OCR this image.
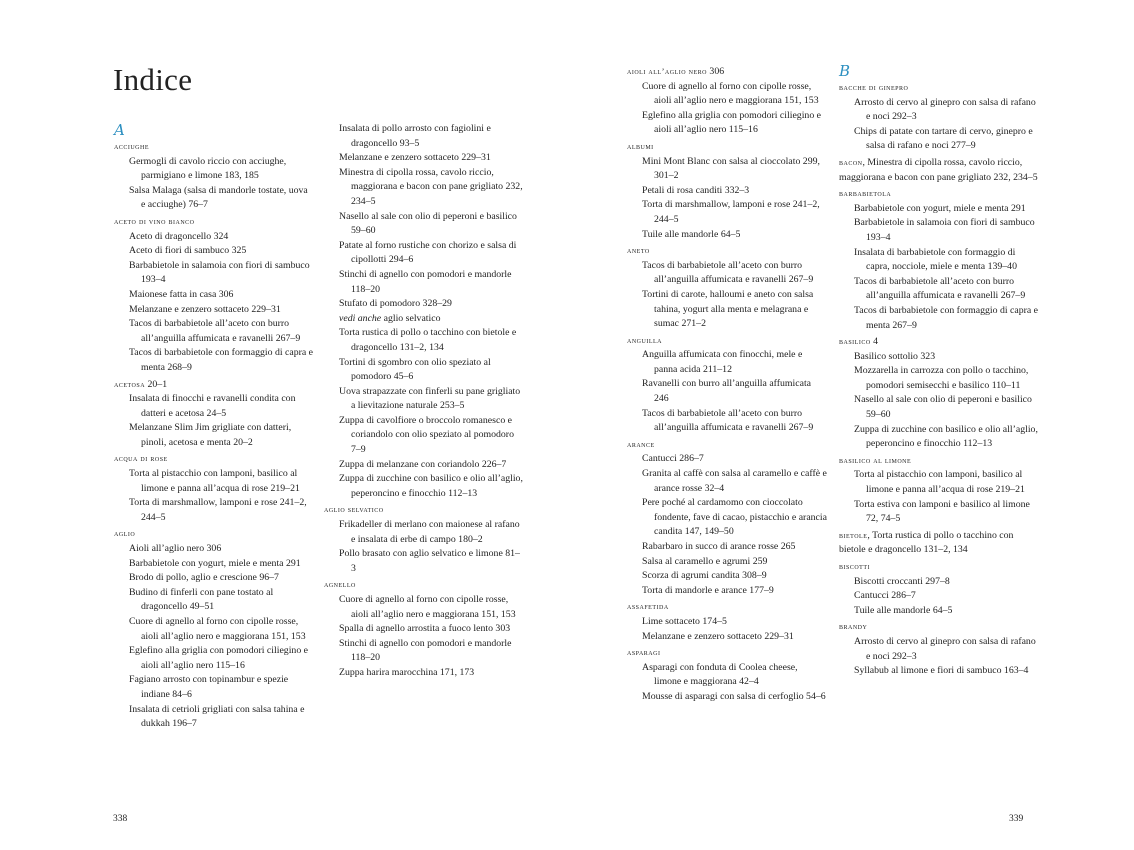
Indice
A
acciughe
Germogli di cavolo riccio con acciughe, parmigiano e limone 183, 185
Salsa Malaga (salsa di mandorle tostate, uova e acciughe) 76–7
aceto di vino bianco
Aceto di dragoncello 324
Aceto di fiori di sambuco 325
Barbabietole in salamoia con fiori di sambuco 193–4
Maionese fatta in casa 306
Melanzane e zenzero sottaceto 229–31
Tacos di barbabietole all’aceto con burro all’anguilla affumicata e ravanelli 267–9
Tacos di barbabietole con formaggio di capra e menta 268–9
acetosa 20–1
Insalata di finocchi e ravanelli condita con datteri e acetosa 24–5
Melanzane Slim Jim grigliate con datteri, pinoli, acetosa e menta 20–2
acqua di rose
Torta al pistacchio con lamponi, basilico al limone e panna all’acqua di rose 219–21
Torta di marshmallow, lamponi e rose 241–2, 244–5
aglio
Aioli all’aglio nero 306
Barbabietole con yogurt, miele e menta 291
Brodo di pollo, aglio e crescione 96–7
Budino di finferli con pane tostato al dragoncello 49–51
Cuore di agnello al forno con cipolle rosse, aioli all’aglio nero e maggiorana 151, 153
Eglefino alla griglia con pomodori ciliegino e aioli all’aglio nero 115–16
Fagiano arrosto con topinambur e spezie indiane 84–6
Insalata di cetrioli grigliati con salsa tahina e dukkah 196–7
Insalata di pollo arrosto con fagiolini e dragoncello 93–5
Melanzane e zenzero sottaceto 229–31
Minestra di cipolla rossa, cavolo riccio, maggiorana e bacon con pane grigliato 232, 234–5
Nasello al sale con olio di peperoni e basilico 59–60
Patate al forno rustiche con chorizo e salsa di cipollotti 294–6
Stinchi di agnello con pomodori e mandorle 118–20
Stufato di pomodoro 328–29
vedi anche aglio selvatico
Torta rustica di pollo o tacchino con bietole e dragoncello 131–2, 134
Tortini di sgombro con olio speziato al pomodoro 45–6
Uova strapazzate con finferli su pane grigliato a lievitazione naturale 253–5
Zuppa di cavolfiore o broccolo romanesco e coriandolo con olio speziato al pomodoro 7–9
Zuppa di melanzane con coriandolo 226–7
Zuppa di zucchine con basilico e olio all’aglio, peperoncino e finocchio 112–13
aglio selvatico
Frikadeller di merlano con maionese al rafano e insalata di erbe di campo 180–2
Pollo brasato con aglio selvatico e limone 81–3
agnello
Cuore di agnello al forno con cipolle rosse, aioli all’aglio nero e maggiorana 151, 153
Spalla di agnello arrostita a fuoco lento 303
Stinchi di agnello con pomodori e mandorle 118–20
Zuppa harira marocchina 171, 173
aioli all’aglio nero 306
Cuore di agnello al forno con cipolle rosse, aioli all’aglio nero e maggiorana 151, 153
Eglefino alla griglia con pomodori ciliegino e aioli all’aglio nero 115–16
albumi
Mini Mont Blanc con salsa al cioccolato 299, 301–2
Petali di rosa canditi 332–3
Torta di marshmallow, lamponi e rose 241–2, 244–5
Tuile alle mandorle 64–5
aneto
Tacos di barbabietole all’aceto con burro all’anguilla affumicata e ravanelli 267–9
Tortini di carote, halloumi e aneto con salsa tahina, yogurt alla menta e melagrana e sumac 271–2
anguilla
Anguilla affumicata con finocchi, mele e panna acida 211–12
Ravanelli con burro all’anguilla affumicata 246
Tacos di barbabietole all’aceto con burro all’anguilla affumicata e ravanelli 267–9
arance
Cantucci 286–7
Granita al caffè con salsa al caramello e caffè e arance rosse 32–4
Pere poché al cardamomo con cioccolato fondente, fave di cacao, pistacchio e arancia candita 147, 149–50
Rabarbaro in succo di arance rosse 265
Salsa al caramello e agrumi 259
Scorza di agrumi candita 308–9
Torta di mandorle e arance 177–9
assafetida
Lime sottaceto 174–5
Melanzane e zenzero sottaceto 229–31
asparagi
Asparagi con fonduta di Coolea cheese, limone e maggiorana 42–4
Mousse di asparagi con salsa di cerfoglio 54–6
B
bacche di ginepro
Arrosto di cervo al ginepro con salsa di rafano e noci 292–3
Chips di patate con tartare di cervo, ginepro e salsa di rafano e noci 277–9
bacon, Minestra di cipolla rossa, cavolo riccio, maggiorana e bacon con pane grigliato 232, 234–5
barbabietola
Barbabietole con yogurt, miele e menta 291
Barbabietole in salamoia con fiori di sambuco 193–4
Insalata di barbabietole con formaggio di capra, nocciole, miele e menta 139–40
Tacos di barbabietole all’aceto con burro all’anguilla affumicata e ravanelli 267–9
Tacos di barbabietole con formaggio di capra e menta 267–9
basilico 4
Basilico sottolio 323
Mozzarella in carrozza con pollo o tacchino, pomodori semisecchi e basilico 110–11
Nasello al sale con olio di peperoni e basilico 59–60
Zuppa di zucchine con basilico e olio all’aglio, peperoncino e finocchio 112–13
basilico al limone
Torta al pistacchio con lamponi, basilico al limone e panna all’acqua di rose 219–21
Torta estiva con lamponi e basilico al limone 72, 74–5
bietole, Torta rustica di pollo o tacchino con bietole e dragoncello 131–2, 134
biscotti
Biscotti croccanti 297–8
Cantucci 286–7
Tuile alle mandorle 64–5
brandy
Arrosto di cervo al ginepro con salsa di rafano e noci 292–3
Syllabub al limone e fiori di sambuco 163–4
338	339
